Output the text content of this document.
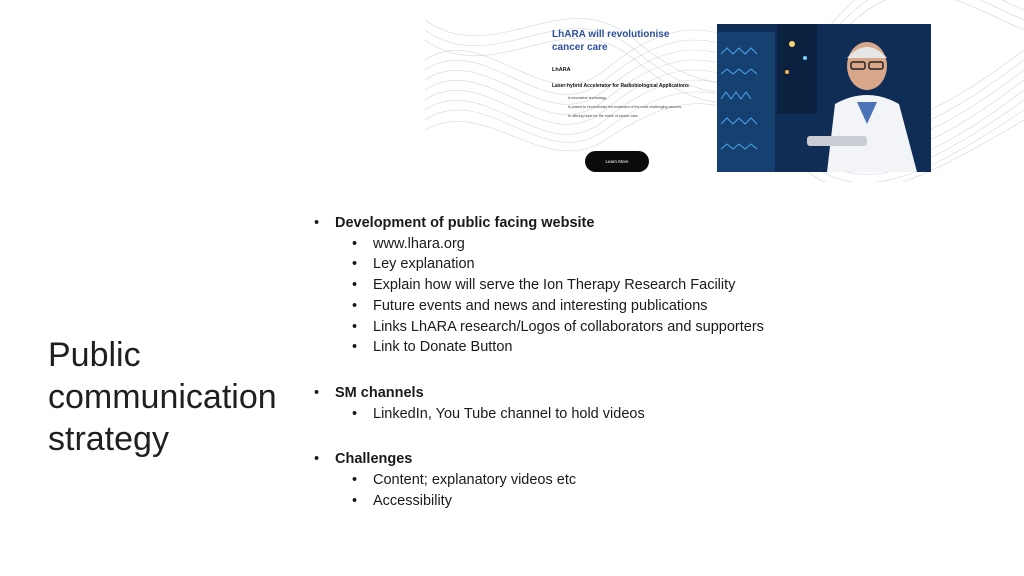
LhARA will revolutionise
cancer care
LhARA
Laser-hybrid Accelerator for Radiobiological Applications
is innovative technology.
is poised to revolutionise the treatment of the most challenging cancers.
is offering hope for the future of cancer care.
Learn More
Public
communication
strategy
• Development of public facing website
• www.lhara.org
• Ley explanation
• Explain how will serve the Ion Therapy Research Facility
• Future events and news and interesting publications
• Links LhARA research/Logos of collaborators and supporters
• Link to Donate Button
• SM channels
• LinkedIn, You Tube channel to hold videos
• Challenges
• Content; explanatory videos etc
• Accessibility
